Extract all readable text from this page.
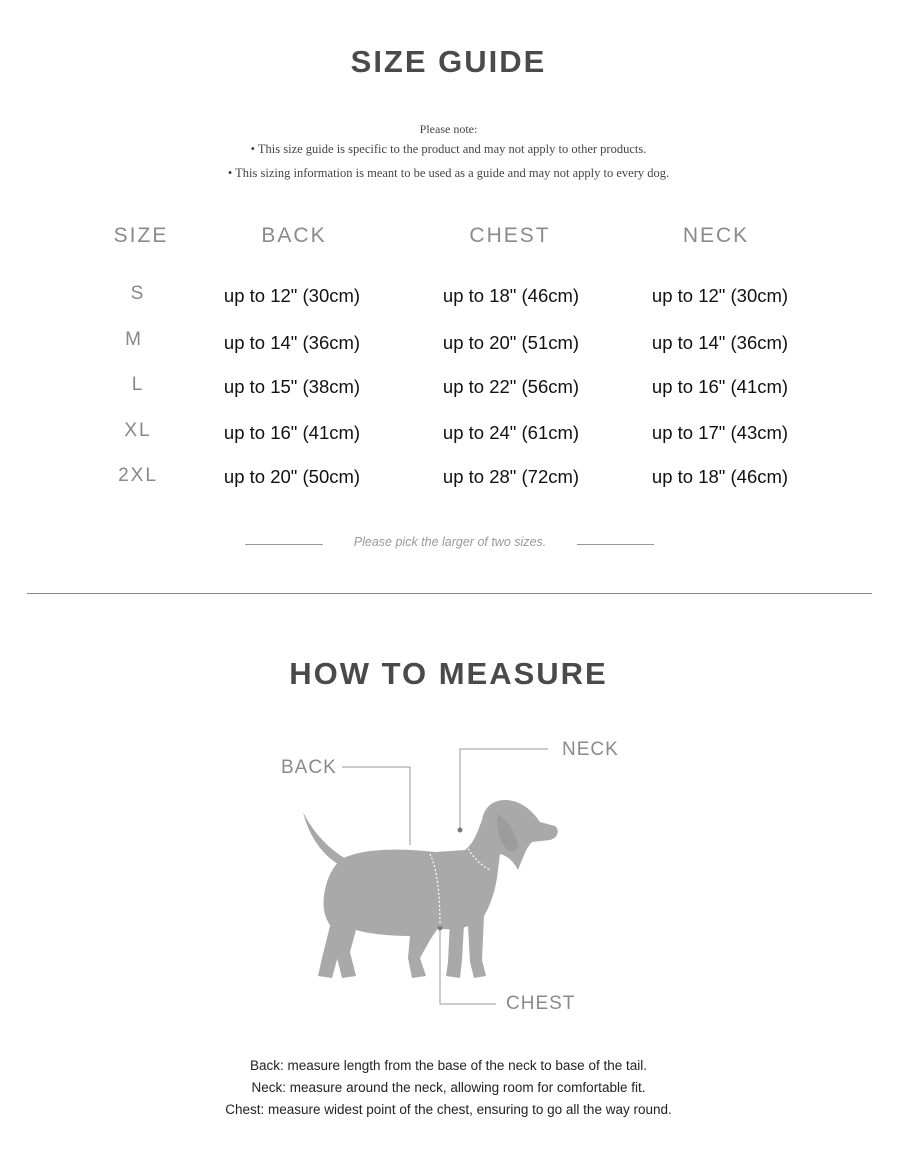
SIZE GUIDE
Please note:
• This size guide is specific to the product and may not apply to other products.
• This sizing information is meant to be used as a guide and may not apply to every dog.
SIZE	BACK	CHEST	NECK
S	up to 12" (30cm)	up to 18" (46cm)	up to 12" (30cm)
M	up to 14" (36cm)	up to 20" (51cm)	up to 14" (36cm)
L	up to 15" (38cm)	up to 22" (56cm)	up to 16" (41cm)
XL	up to 16" (41cm)	up to 24" (61cm)	up to 17" (43cm)
2XL	up to 20" (50cm)	up to 28" (72cm)	up to 18" (46cm)
Please pick the larger of two sizes.
HOW TO MEASURE
BACK
NECK
CHEST
Back: measure length from the base of the neck to base of the tail.
Neck: measure around the neck, allowing room for comfortable fit.
Chest: measure widest point of the chest, ensuring to go all the way round.
